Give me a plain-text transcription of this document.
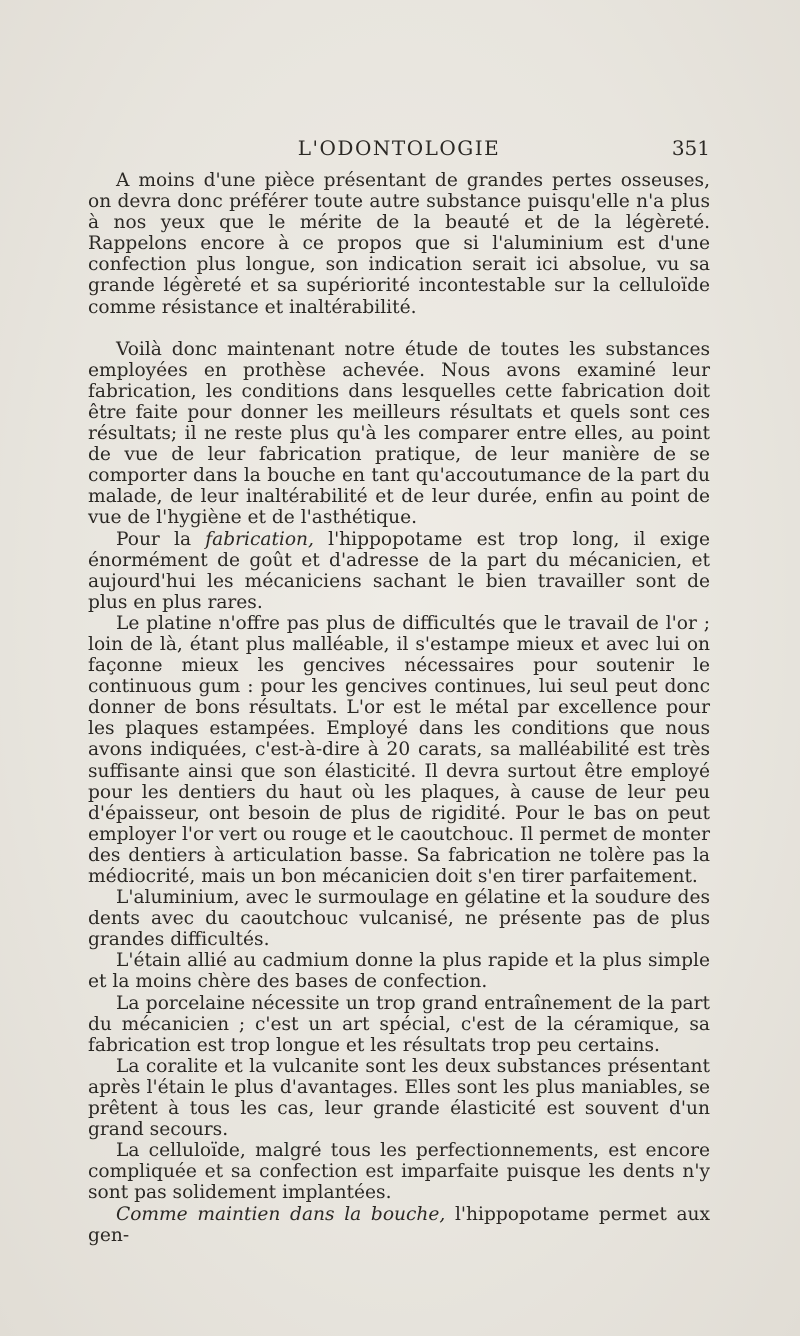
L'ODONTOLOGIE	351

A moins d'une pièce présentant de grandes pertes osseuses, on devra donc préférer toute autre substance puisqu'elle n'a plus à nos yeux que le mérite de la beauté et de la légèreté. Rappelons encore à ce propos que si l'aluminium est d'une confection plus longue, son indication serait ici absolue, vu sa grande légèreté et sa supériorité incontestable sur la celluloïde comme résistance et inaltérabilité.

Voilà donc maintenant notre étude de toutes les substances employées en prothèse achevée. Nous avons examiné leur fabrication, les conditions dans lesquelles cette fabrication doit être faite pour donner les meilleurs résultats et quels sont ces résultats; il ne reste plus qu'à les comparer entre elles, au point de vue de leur fabrication pratique, de leur manière de se comporter dans la bouche en tant qu'accoutumance de la part du malade, de leur inaltérabilité et de leur durée, enfin au point de vue de l'hygiène et de l'asthétique.

Pour la fabrication, l'hippopotame est trop long, il exige énormément de goût et d'adresse de la part du mécanicien, et aujourd'hui les mécaniciens sachant le bien travailler sont de plus en plus rares.

Le platine n'offre pas plus de difficultés que le travail de l'or ; loin de là, étant plus malléable, il s'estampe mieux et avec lui on façonne mieux les gencives nécessaires pour soutenir le continuous gum : pour les gencives continues, lui seul peut donc donner de bons résultats. L'or est le métal par excellence pour les plaques estampées. Employé dans les conditions que nous avons indiquées, c'est-à-dire à 20 carats, sa malléabilité est très suffisante ainsi que son élasticité. Il devra surtout être employé pour les dentiers du haut où les plaques, à cause de leur peu d'épaisseur, ont besoin de plus de rigidité. Pour le bas on peut employer l'or vert ou rouge et le caoutchouc. Il permet de monter des dentiers à articulation basse. Sa fabrication ne tolère pas la médiocrité, mais un bon mécanicien doit s'en tirer parfaitement.

L'aluminium, avec le surmoulage en gélatine et la soudure des dents avec du caoutchouc vulcanisé, ne présente pas de plus grandes difficultés.

L'étain allié au cadmium donne la plus rapide et la plus simple et la moins chère des bases de confection.

La porcelaine nécessite un trop grand entraînement de la part du mécanicien ; c'est un art spécial, c'est de la céramique, sa fabrication est trop longue et les résultats trop peu certains.

La coralite et la vulcanite sont les deux substances présentant après l'étain le plus d'avantages. Elles sont les plus maniables, se prêtent à tous les cas, leur grande élasticité est souvent d'un grand secours.

La celluloïde, malgré tous les perfectionnements, est encore compliquée et sa confection est imparfaite puisque les dents n'y sont pas solidement implantées.

Comme maintien dans la bouche, l'hippopotame permet aux gen-
